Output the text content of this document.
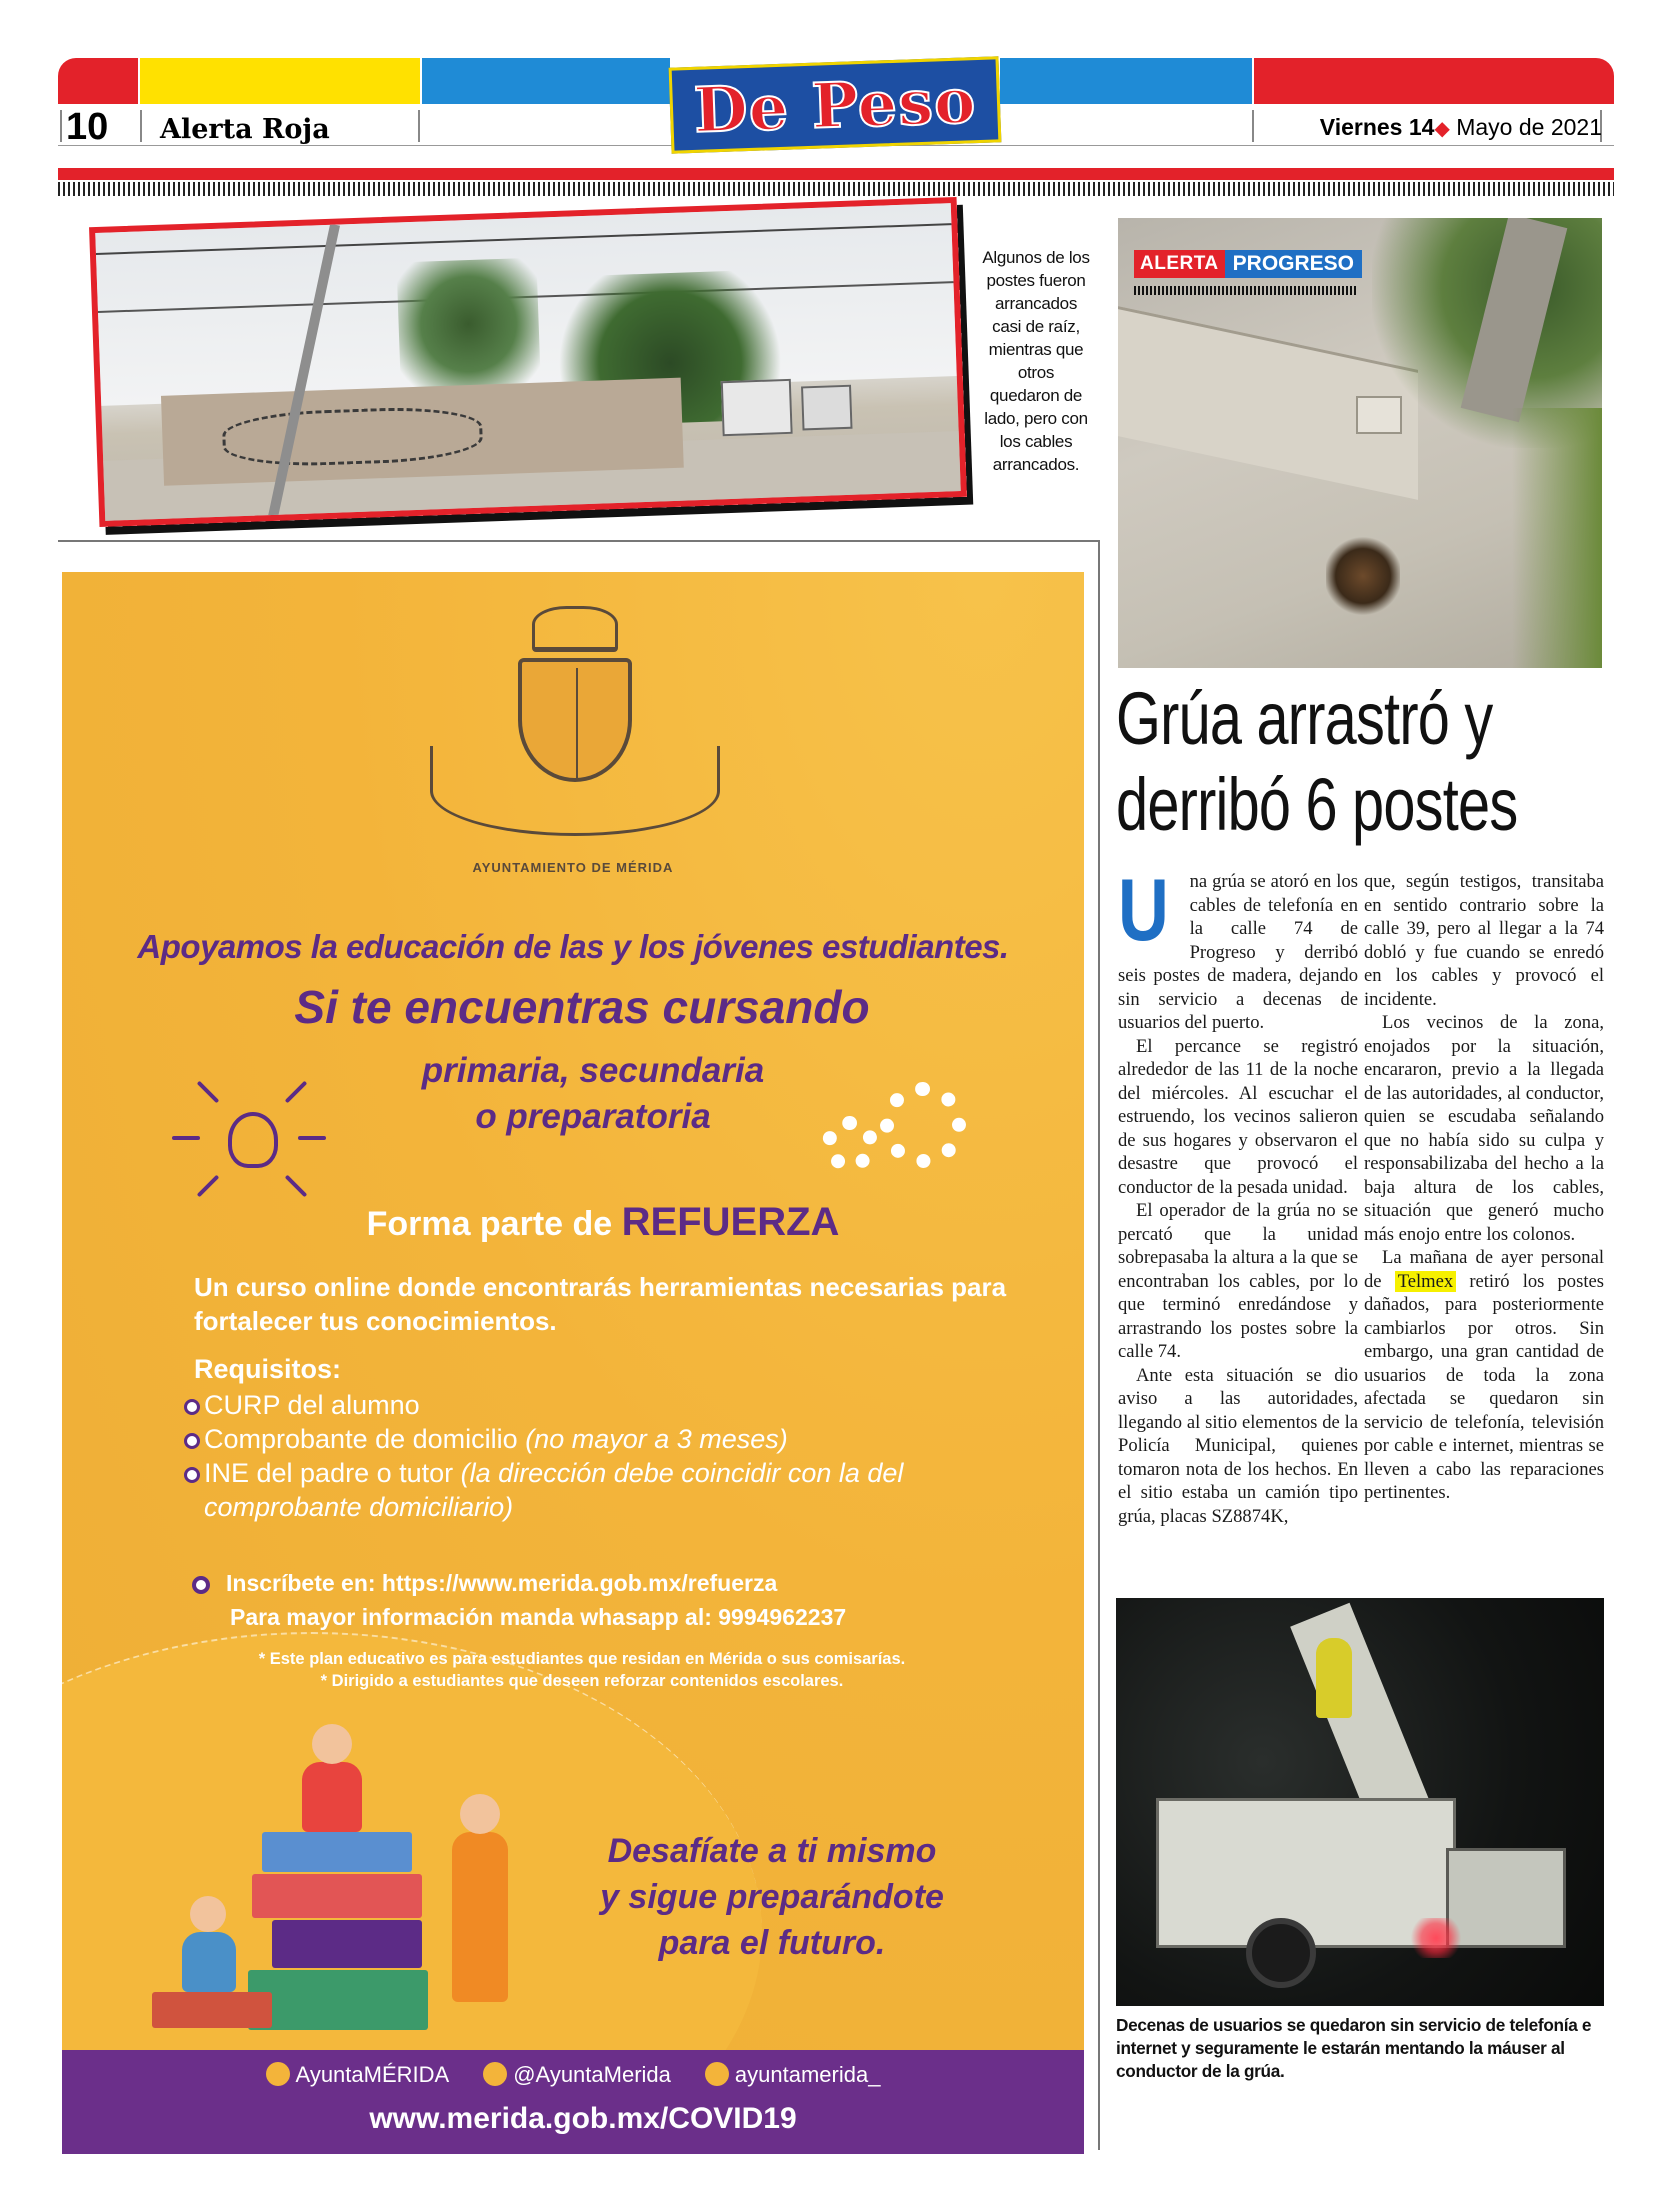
10 Alerta Roja	De Peso	Viernes 14◆ Mayo de 2021
Algunos de los postes fueron arrancados casi de raíz, mientras que otros quedaron de lado, pero con los cables arrancados.
ALERTA PROGRESO
Grúa arrastró y
derribó 6 postes

U na grúa se atoró en los cables de telefonía en la calle 74 de Progreso y derribó seis postes de madera, dejando sin servicio a decenas de usuarios del puerto.

El percance se registró alrededor de las 11 de la noche del miércoles. Al escuchar el estruendo, los vecinos salieron de sus hogares y observaron el desastre que provocó el conductor de la pesada unidad.

El operador de la grúa no se percató que la unidad sobrepasaba la altura a la que se encontraban los cables, por lo que terminó enredándose y arrastrando los postes sobre la calle 74.

Ante esta situación se dio aviso a las autoridades, llegando al sitio elementos de la Policía Municipal, quienes tomaron nota de los hechos. En el sitio estaba un camión tipo grúa, placas SZ8874K,

que, según testigos, transitaba en sentido contrario sobre la calle 39, pero al llegar a la 74 dobló y fue cuando se enredó en los cables y provocó el incidente.

Los vecinos de la zona, enojados por la situación, encararon, previo a la llegada de las autoridades, al conductor, quien se escudaba señalando que no había sido su culpa y responsabilizaba del hecho a la baja altura de los cables, situación que generó mucho más enojo entre los colonos.

La mañana de ayer personal de Telmex retiró los postes dañados, para posteriormente cambiarlos por otros. Sin embargo, una gran cantidad de usuarios de toda la zona afectada se quedaron sin servicio de telefonía, televisión por cable e internet, mientras se lleven a cabo las reparaciones pertinentes.

Decenas de usuarios se quedaron sin servicio de telefonía e internet y seguramente le estarán mentando la máuser al conductor de la grúa.
AYUNTAMIENTO DE MÉRIDA
Apoyamos la educación de las y los jóvenes estudiantes.
Si te encuentras cursando
primaria, secundaria
o preparatoria
Forma parte de REFUERZA
Un curso online donde encontrarás herramientas necesarias para fortalecer tus conocimientos.
Requisitos:
CURP del alumno
Comprobante de domicilio (no mayor a 3 meses)
INE del padre o tutor (la dirección debe coincidir con la del comprobante domiciliario)
Inscríbete en: https://www.merida.gob.mx/refuerza
Para mayor información manda whasapp al: 9994962237
* Este plan educativo es para estudiantes que residan en Mérida o sus comisarías.
* Dirigido a estudiantes que deseen reforzar contenidos escolares.
Desafíate a ti mismo
y sigue preparándote
para el futuro.
AyuntaMÉRIDA	@AyuntaMerida	ayuntamerida_
www.merida.gob.mx/COVID19
